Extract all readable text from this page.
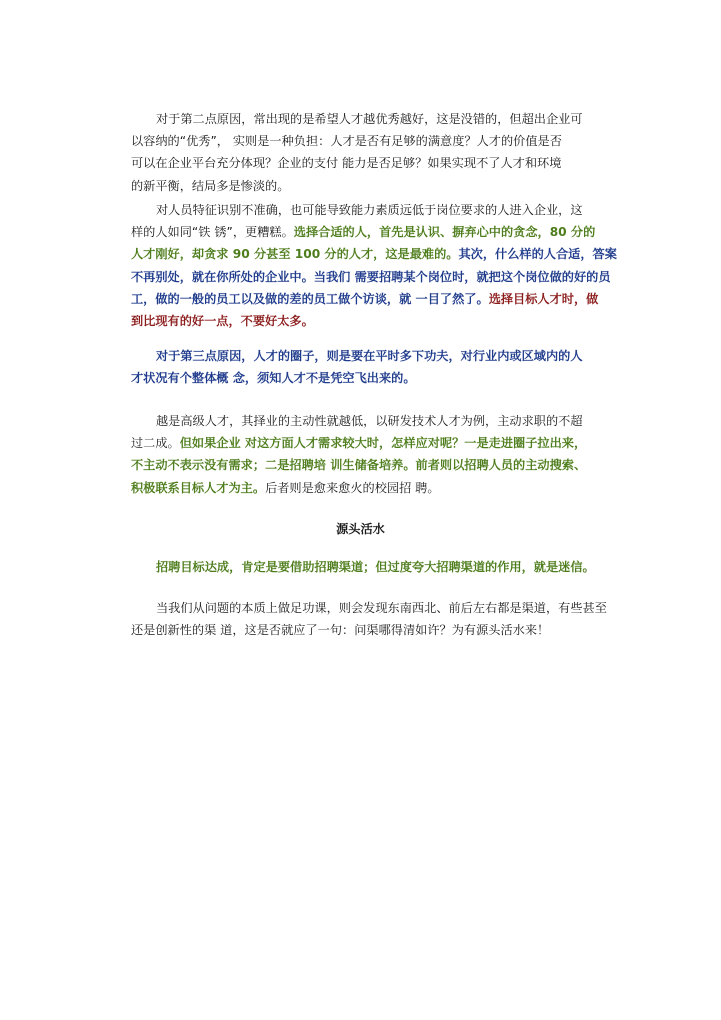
对于第二点原因，常出现的是希望人才越优秀越好，这是没错的，但超出企业可
以容纳的“优秀”， 实则是一种负担：人才是否有足够的满意度？人才的价值是否
可以在企业平台充分体现？企业的支付 能力是否足够？如果实现不了人才和环境
的新平衡，结局多是惨淡的。
对人员特征识别不准确，也可能导致能力素质远低于岗位要求的人进入企业，这
样的人如同“铁 锈”，更糟糕。选择合适的人，首先是认识、摒弃心中的贪念，80 分的
人才刚好，却贪求 90 分甚至 100 分的人才，这是最难的。其次，什么样的人合适，答案
不再别处，就在你所处的企业中。当我们 需要招聘某个岗位时，就把这个岗位做的好的员
工，做的一般的员工以及做的差的员工做个访谈，就 一目了然了。选择目标人才时，做
到比现有的好一点，不要好太多。
对于第三点原因，人才的圈子，则是要在平时多下功夫，对行业内或区域内的人
才状况有个整体概 念，须知人才不是凭空飞出来的。
越是高级人才，其择业的主动性就越低，以研发技术人才为例，主动求职的不超
过二成。但如果企业 对这方面人才需求较大时，怎样应对呢？一是走进圈子拉出来，
不主动不表示没有需求；二是招聘培 训生储备培养。前者则以招聘人员的主动搜索、
积极联系目标人才为主。后者则是愈来愈火的校园招 聘。
源头活水
招聘目标达成，肯定是要借助招聘渠道；但过度夸大招聘渠道的作用，就是迷信。
当我们从问题的本质上做足功课，则会发现东南西北、前后左右都是渠道，有些甚至
还是创新性的渠 道，这是否就应了一句：问渠哪得清如许？为有源头活水来！
